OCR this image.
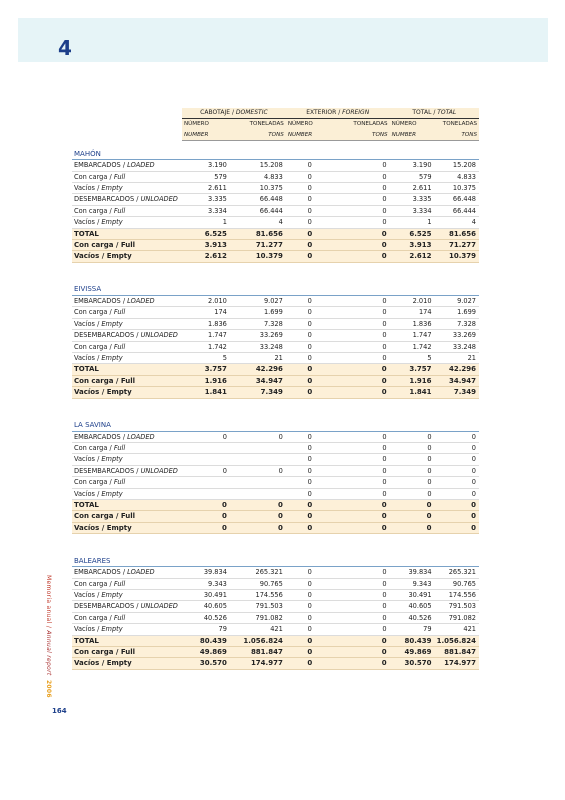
4
Memoria anual / Annual report  2006
164
	CABOTAJE / DOMESTIC		EXTERIOR / FOREIGN		TOTAL / TOTAL	
	NÚMERO	TONELADAS	NÚMERO	TONELADAS	NÚMERO	TONELADAS
	NUMBER	TONS	NUMBER	TONS	NUMBER	TONS
MAHÓN						
EMBARCADOS / LOADED	3.190	15.208	0	0	3.190	15.208
Con carga / Full	579	4.833	0	0	579	4.833
Vacíos / Empty	2.611	10.375	0	0	2.611	10.375
DESEMBARCADOS / UNLOADED	3.335	66.448	0	0	3.335	66.448
Con carga / Full	3.334	66.444	0	0	3.334	66.444
Vacíos / Empty	1	4	0	0	1	4
TOTAL	6.525	81.656	0	0	6.525	81.656
Con carga / Full	3.913	71.277	0	0	3.913	71.277
Vacíos / Empty	2.612	10.379	0	0	2.612	10.379

EIVISSA						
EMBARCADOS / LOADED	2.010	9.027	0	0	2.010	9.027
Con carga / Full	174	1.699	0	0	174	1.699
Vacíos / Empty	1.836	7.328	0	0	1.836	7.328
DESEMBARCADOS / UNLOADED	1.747	33.269	0	0	1.747	33.269
Con carga / Full	1.742	33.248	0	0	1.742	33.248
Vacíos / Empty	5	21	0	0	5	21
TOTAL	3.757	42.296	0	0	3.757	42.296
Con carga / Full	1.916	34.947	0	0	1.916	34.947
Vacíos / Empty	1.841	7.349	0	0	1.841	7.349

LA SAVINA						
EMBARCADOS / LOADED	0	0	0	0	0	0
Con carga / Full			0	0	0	0
Vacíos / Empty			0	0	0	0
DESEMBARCADOS / UNLOADED	0	0	0	0	0	0
Con carga / Full			0	0	0	0
Vacíos / Empty			0	0	0	0
TOTAL	0	0	0	0	0	0
Con carga / Full	0	0	0	0	0	0
Vacíos / Empty	0	0	0	0	0	0

BALEARES						
EMBARCADOS / LOADED	39.834	265.321	0	0	39.834	265.321
Con carga / Full	9.343	90.765	0	0	9.343	90.765
Vacíos / Empty	30.491	174.556	0	0	30.491	174.556
DESEMBARCADOS / UNLOADED	40.605	791.503	0	0	40.605	791.503
Con carga / Full	40.526	791.082	0	0	40.526	791.082
Vacíos / Empty	79	421	0	0	79	421
TOTAL	80.439	1.056.824	0	0	80.439	1.056.824
Con carga / Full	49.869	881.847	0	0	49.869	881.847
Vacíos / Empty	30.570	174.977	0	0	30.570	174.977
